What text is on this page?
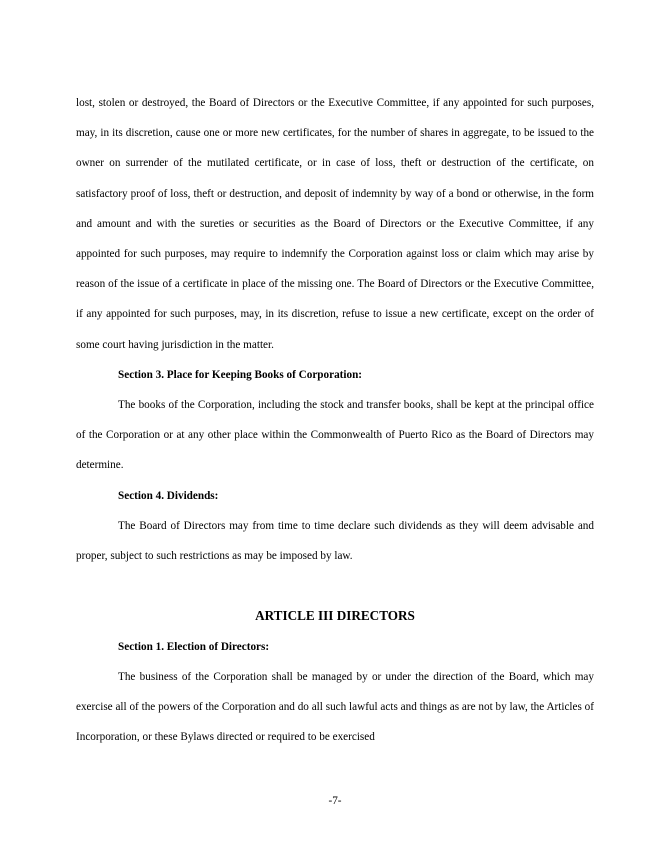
lost, stolen or destroyed, the Board of Directors or the Executive Committee, if any appointed for such purposes, may, in its discretion, cause one or more new certificates, for the number of shares in aggregate, to be issued to the owner on surrender of the mutilated certificate, or in case of loss, theft or destruction of the certificate, on satisfactory proof of loss, theft or destruction, and deposit of indemnity by way of a bond or otherwise, in the form and amount and with the sureties or securities as the Board of Directors or the Executive Committee, if any appointed for such purposes, may require to indemnify the Corporation against loss or claim which may arise by reason of the issue of a certificate in place of the missing one. The Board of Directors or the Executive Committee, if any appointed for such purposes, may, in its discretion, refuse to issue a new certificate, except on the order of some court having jurisdiction in the matter.

Section 3. Place for Keeping Books of Corporation:

The books of the Corporation, including the stock and transfer books, shall be kept at the principal office of the Corporation or at any other place within the Commonwealth of Puerto Rico as the Board of Directors may determine.

Section 4. Dividends:

The Board of Directors may from time to time declare such dividends as they will deem advisable and proper, subject to such restrictions as may be imposed by law.

ARTICLE III DIRECTORS

Section 1. Election of Directors:

The business of the Corporation shall be managed by or under the direction of the Board, which may exercise all of the powers of the Corporation and do all such lawful acts and things as are not by law, the Articles of Incorporation, or these Bylaws directed or required to be exercised

-7-
